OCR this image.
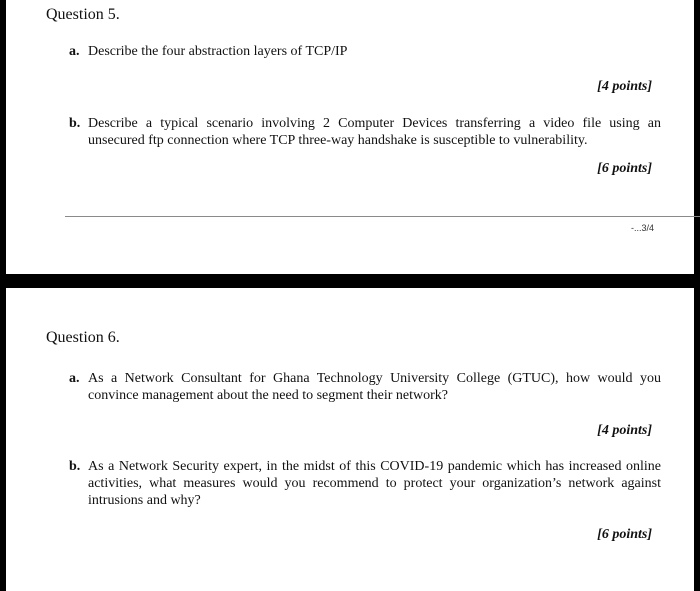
Question 5.
a. Describe the four abstraction layers of TCP/IP
[4 points]
b. Describe a typical scenario involving 2 Computer Devices transferring a video file using an unsecured ftp connection where TCP three-way handshake is susceptible to vulnerability.
[6 points]
-...3/4
Question 6.
a. As a Network Consultant for Ghana Technology University College (GTUC), how would you convince management about the need to segment their network?
[4 points]
b. As a Network Security expert, in the midst of this COVID-19 pandemic which has increased online activities, what measures would you recommend to protect your organization’s network against intrusions and why?
[6 points]
